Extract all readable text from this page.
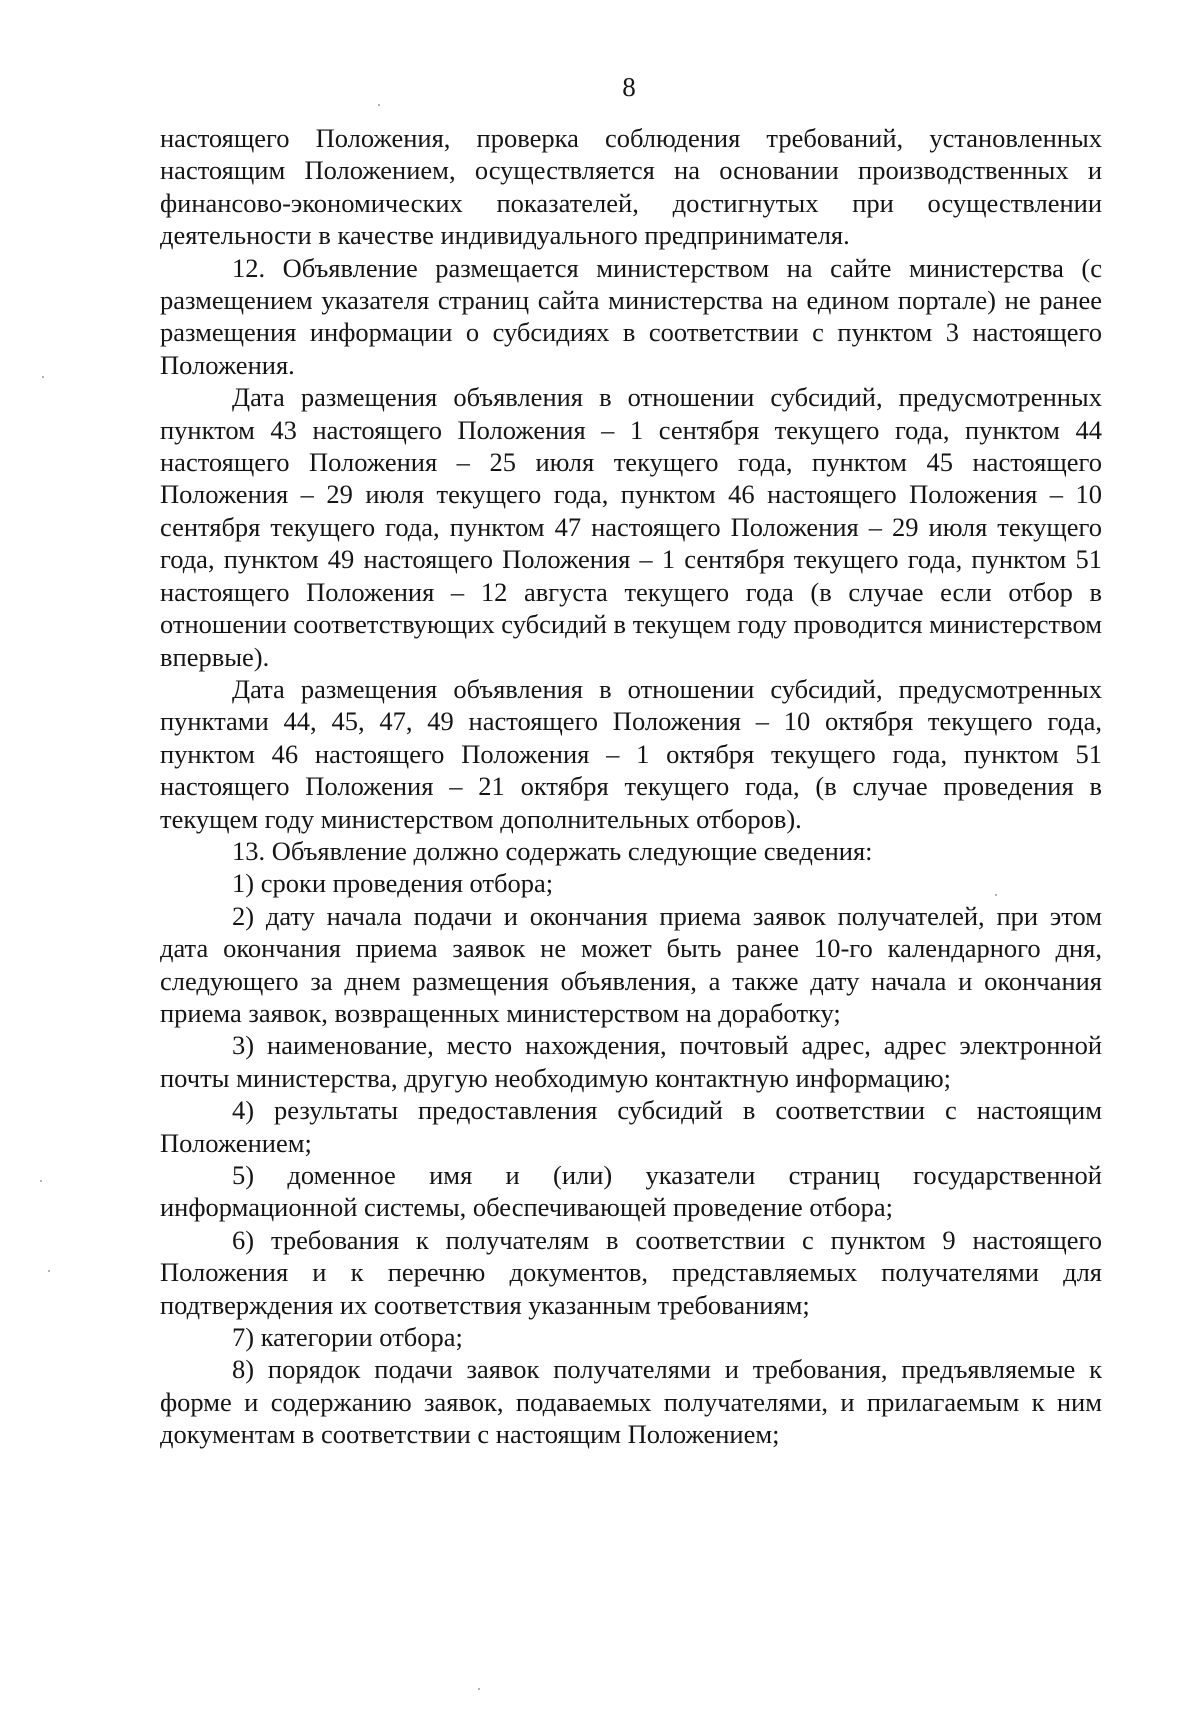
8

настоящего Положения, проверка соблюдения требований, установленных настоящим Положением, осуществляется на основании производственных и финансово-экономических показателей, достигнутых при осуществлении деятельности в качестве индивидуального предпринимателя.

12. Объявление размещается министерством на сайте министерства (с размещением указателя страниц сайта министерства на едином портале) не ранее размещения информации о субсидиях в соответствии с пунктом 3 настоящего Положения.

Дата размещения объявления в отношении субсидий, предусмотренных пунктом 43 настоящего Положения – 1 сентября текущего года, пунктом 44 настоящего Положения – 25 июля текущего года, пунктом 45 настоящего Положения – 29 июля текущего года, пунктом 46 настоящего Положения – 10 сентября текущего года, пунктом 47 настоящего Положения – 29 июля текущего года, пунктом 49 настоящего Положения – 1 сентября текущего года, пунктом 51 настоящего Положения – 12 августа текущего года (в случае если отбор в отношении соответствующих субсидий в текущем году проводится министерством впервые).

Дата размещения объявления в отношении субсидий, предусмотренных пунктами 44, 45, 47, 49 настоящего Положения – 10 октября текущего года, пунктом 46 настоящего Положения – 1 октября текущего года, пунктом 51 настоящего Положения – 21 октября текущего года, (в случае проведения в текущем году министерством дополнительных отборов).

13. Объявление должно содержать следующие сведения:

1) сроки проведения отбора;

2) дату начала подачи и окончания приема заявок получателей, при этом дата окончания приема заявок не может быть ранее 10-го календарного дня, следующего за днем размещения объявления, а также дату начала и окончания приема заявок, возвращенных министерством на доработку;

3) наименование, место нахождения, почтовый адрес, адрес электронной почты министерства, другую необходимую контактную информацию;

4) результаты предоставления субсидий в соответствии с настоящим Положением;

5) доменное имя и (или) указатели страниц государственной информационной системы, обеспечивающей проведение отбора;

6) требования к получателям в соответствии с пунктом 9 настоящего Положения и к перечню документов, представляемых получателями для подтверждения их соответствия указанным требованиям;

7) категории отбора;

8) порядок подачи заявок получателями и требования, предъявляемые к форме и содержанию заявок, подаваемых получателями, и прилагаемым к ним документам в соответствии с настоящим Положением;
